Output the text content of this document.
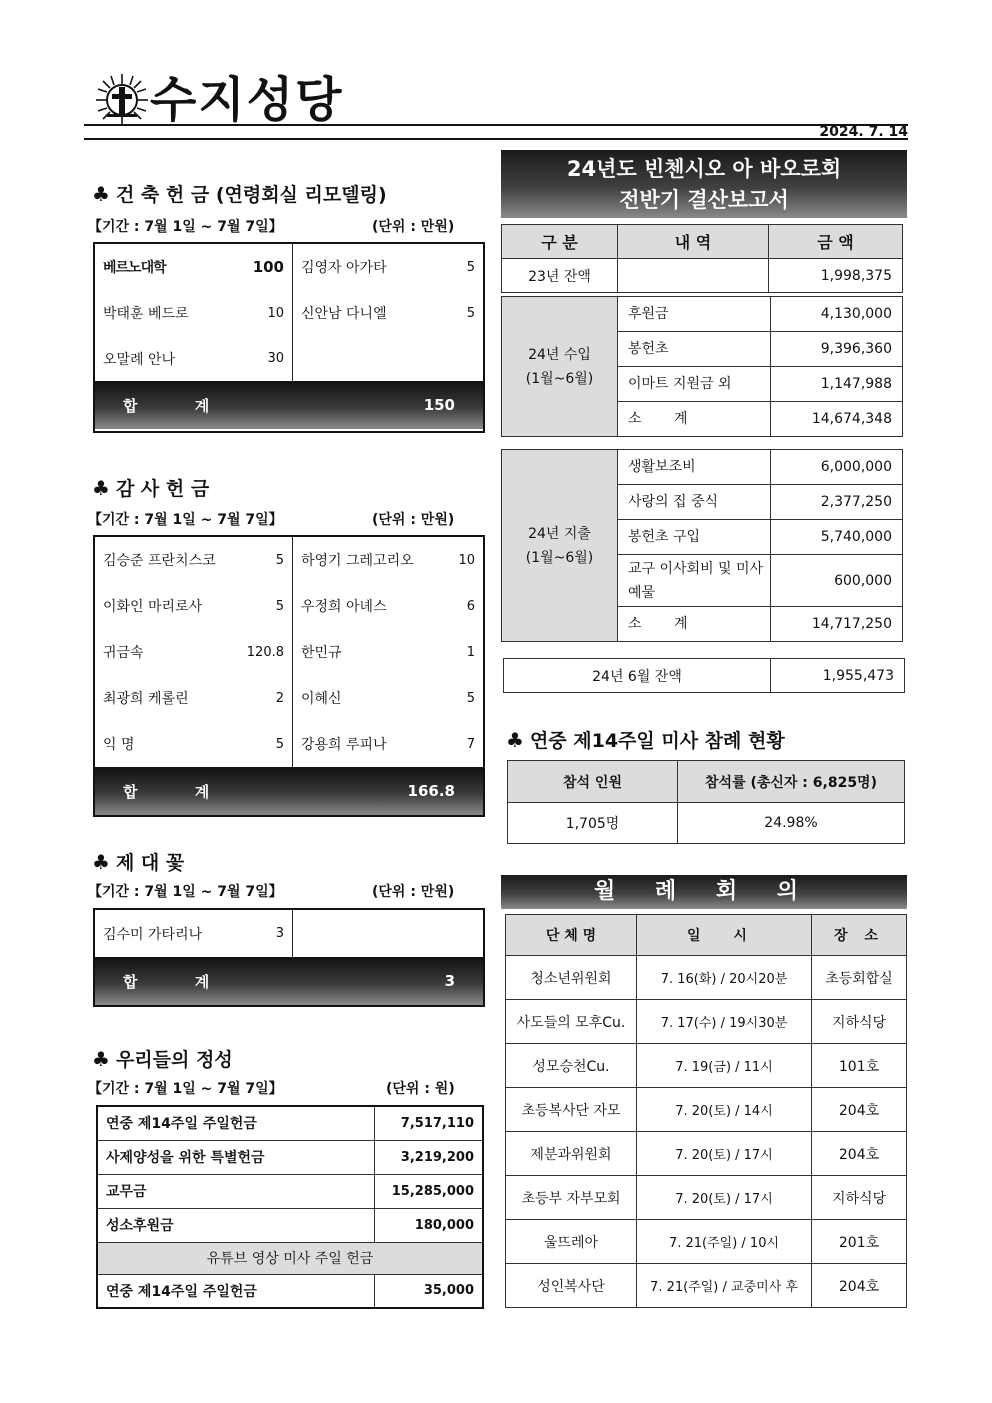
수지성당
2024. 7. 14
♣ 건 축 헌 금 (연령회실 리모델링)
【기간 : 7월 1일 ~ 7월 7일】	(단위 : 만원)
베르노대학	100 김영자 아가타	5
박태훈 베드로	10 신안남 다니엘	5
오말례 안나	30
합 계	150
♣ 감 사 헌 금
【기간 : 7월 1일 ~ 7월 7일】	(단위 : 만원)
김승준 프란치스코	5 하영기 그레고리오	10
이화인 마리로사	5 우정희 아녜스	6
귀금속	120.8 한민규	1
최광희 케롤린	2 이혜신	5
익 명	5 강용희 루피나	7
합 계	166.8
♣ 제 대 꽃
【기간 : 7월 1일 ~ 7월 7일】	(단위 : 만원)
김수미 가타리나	3
합 계	3
♣ 우리들의 정성
【기간 : 7월 1일 ~ 7월 7일】	(단위 : 원)
연중 제14주일 주일헌금	7,517,110
사제양성을 위한 특별헌금	3,219,200
교무금	15,285,000
성소후원금	180,000
유튜브 영상 미사 주일 헌금	
연중 제14주일 주일헌금	35,000
24년도 빈첸시오 아 바오로회
전반기 결산보고서
구 분	내 역	금 액
23년 잔액		1,998,375
24년 수입
(1월~6월)	후원금	4,130,000
	봉헌초	9,396,360
	이마트 지원금 외	1,147,988
	소 계	14,674,348
24년 지출
(1월~6월)	생활보조비	6,000,000
	사랑의 집 중식	2,377,250
	봉헌초 구입	5,740,000
	교구 이사회비 및 미사예물	600,000
	소 계	14,717,250
24년 6월 잔액	1,955,473
♣ 연중 제14주일 미사 참례 현황
참석 인원	참석률 (총신자 : 6,825명)
1,705명	24.98%
월 례 회 의
단 체 명	일 시	장 소
청소년위원회	7. 16(화) / 20시20분	초등회합실
사도들의 모후Cu.	7. 17(수) / 19시30분	지하식당
성모승천Cu.	7. 19(금) / 11시	101호
초등복사단 자모	7. 20(토) / 14시	204호
제분과위원회	7. 20(토) / 17시	204호
초등부 자부모회	7. 20(토) / 17시	지하식당
울뜨레아	7. 21(주일) / 10시	201호
성인복사단	7. 21(주일) / 교중미사 후	204호
